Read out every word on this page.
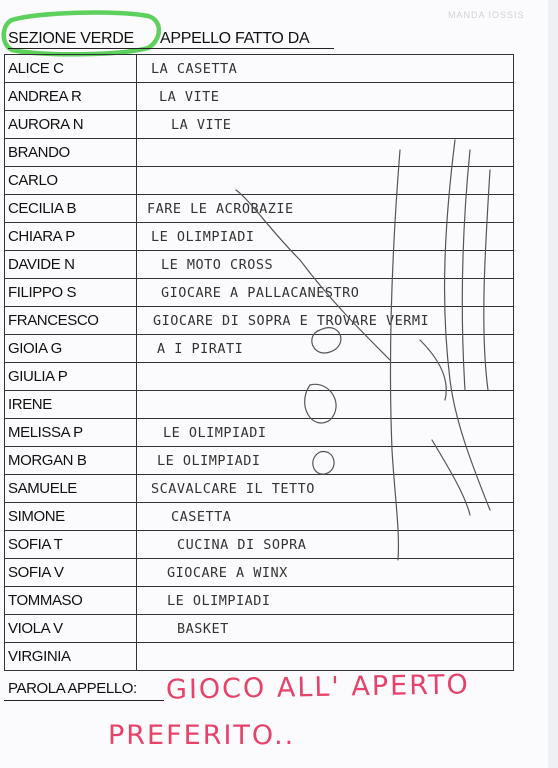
MANDA IOSSIS
SEZIONE VERDE APPELLO FATTO DA
ALICE C	LA CASETTA
ANDREA R	LA VITE
AURORA N	LA VITE
BRANDO	
CARLO	
CECILIA B	FARE LE ACROBAZIE
CHIARA P	LE OLIMPIADI
DAVIDE N	LE MOTO CROSS
FILIPPO S	GIOCARE A PALLACANESTRO
FRANCESCO	GIOCARE DI SOPRA E TROVARE VERMI
GIOIA G	A I PIRATI
GIULIA P	
IRENE	
MELISSA P	LE OLIMPIADI
MORGAN B	LE OLIMPIADI
SAMUELE	SCAVALCARE IL TETTO
SIMONE	CASETTA
SOFIA T	CUCINA DI SOPRA
SOFIA V	GIOCARE A WINX
TOMMASO	LE OLIMPIADI
VIOLA V	BASKET
VIRGINIA	
PAROLA APPELLO: GIOCO ALL' APERTO
PREFERITO..
